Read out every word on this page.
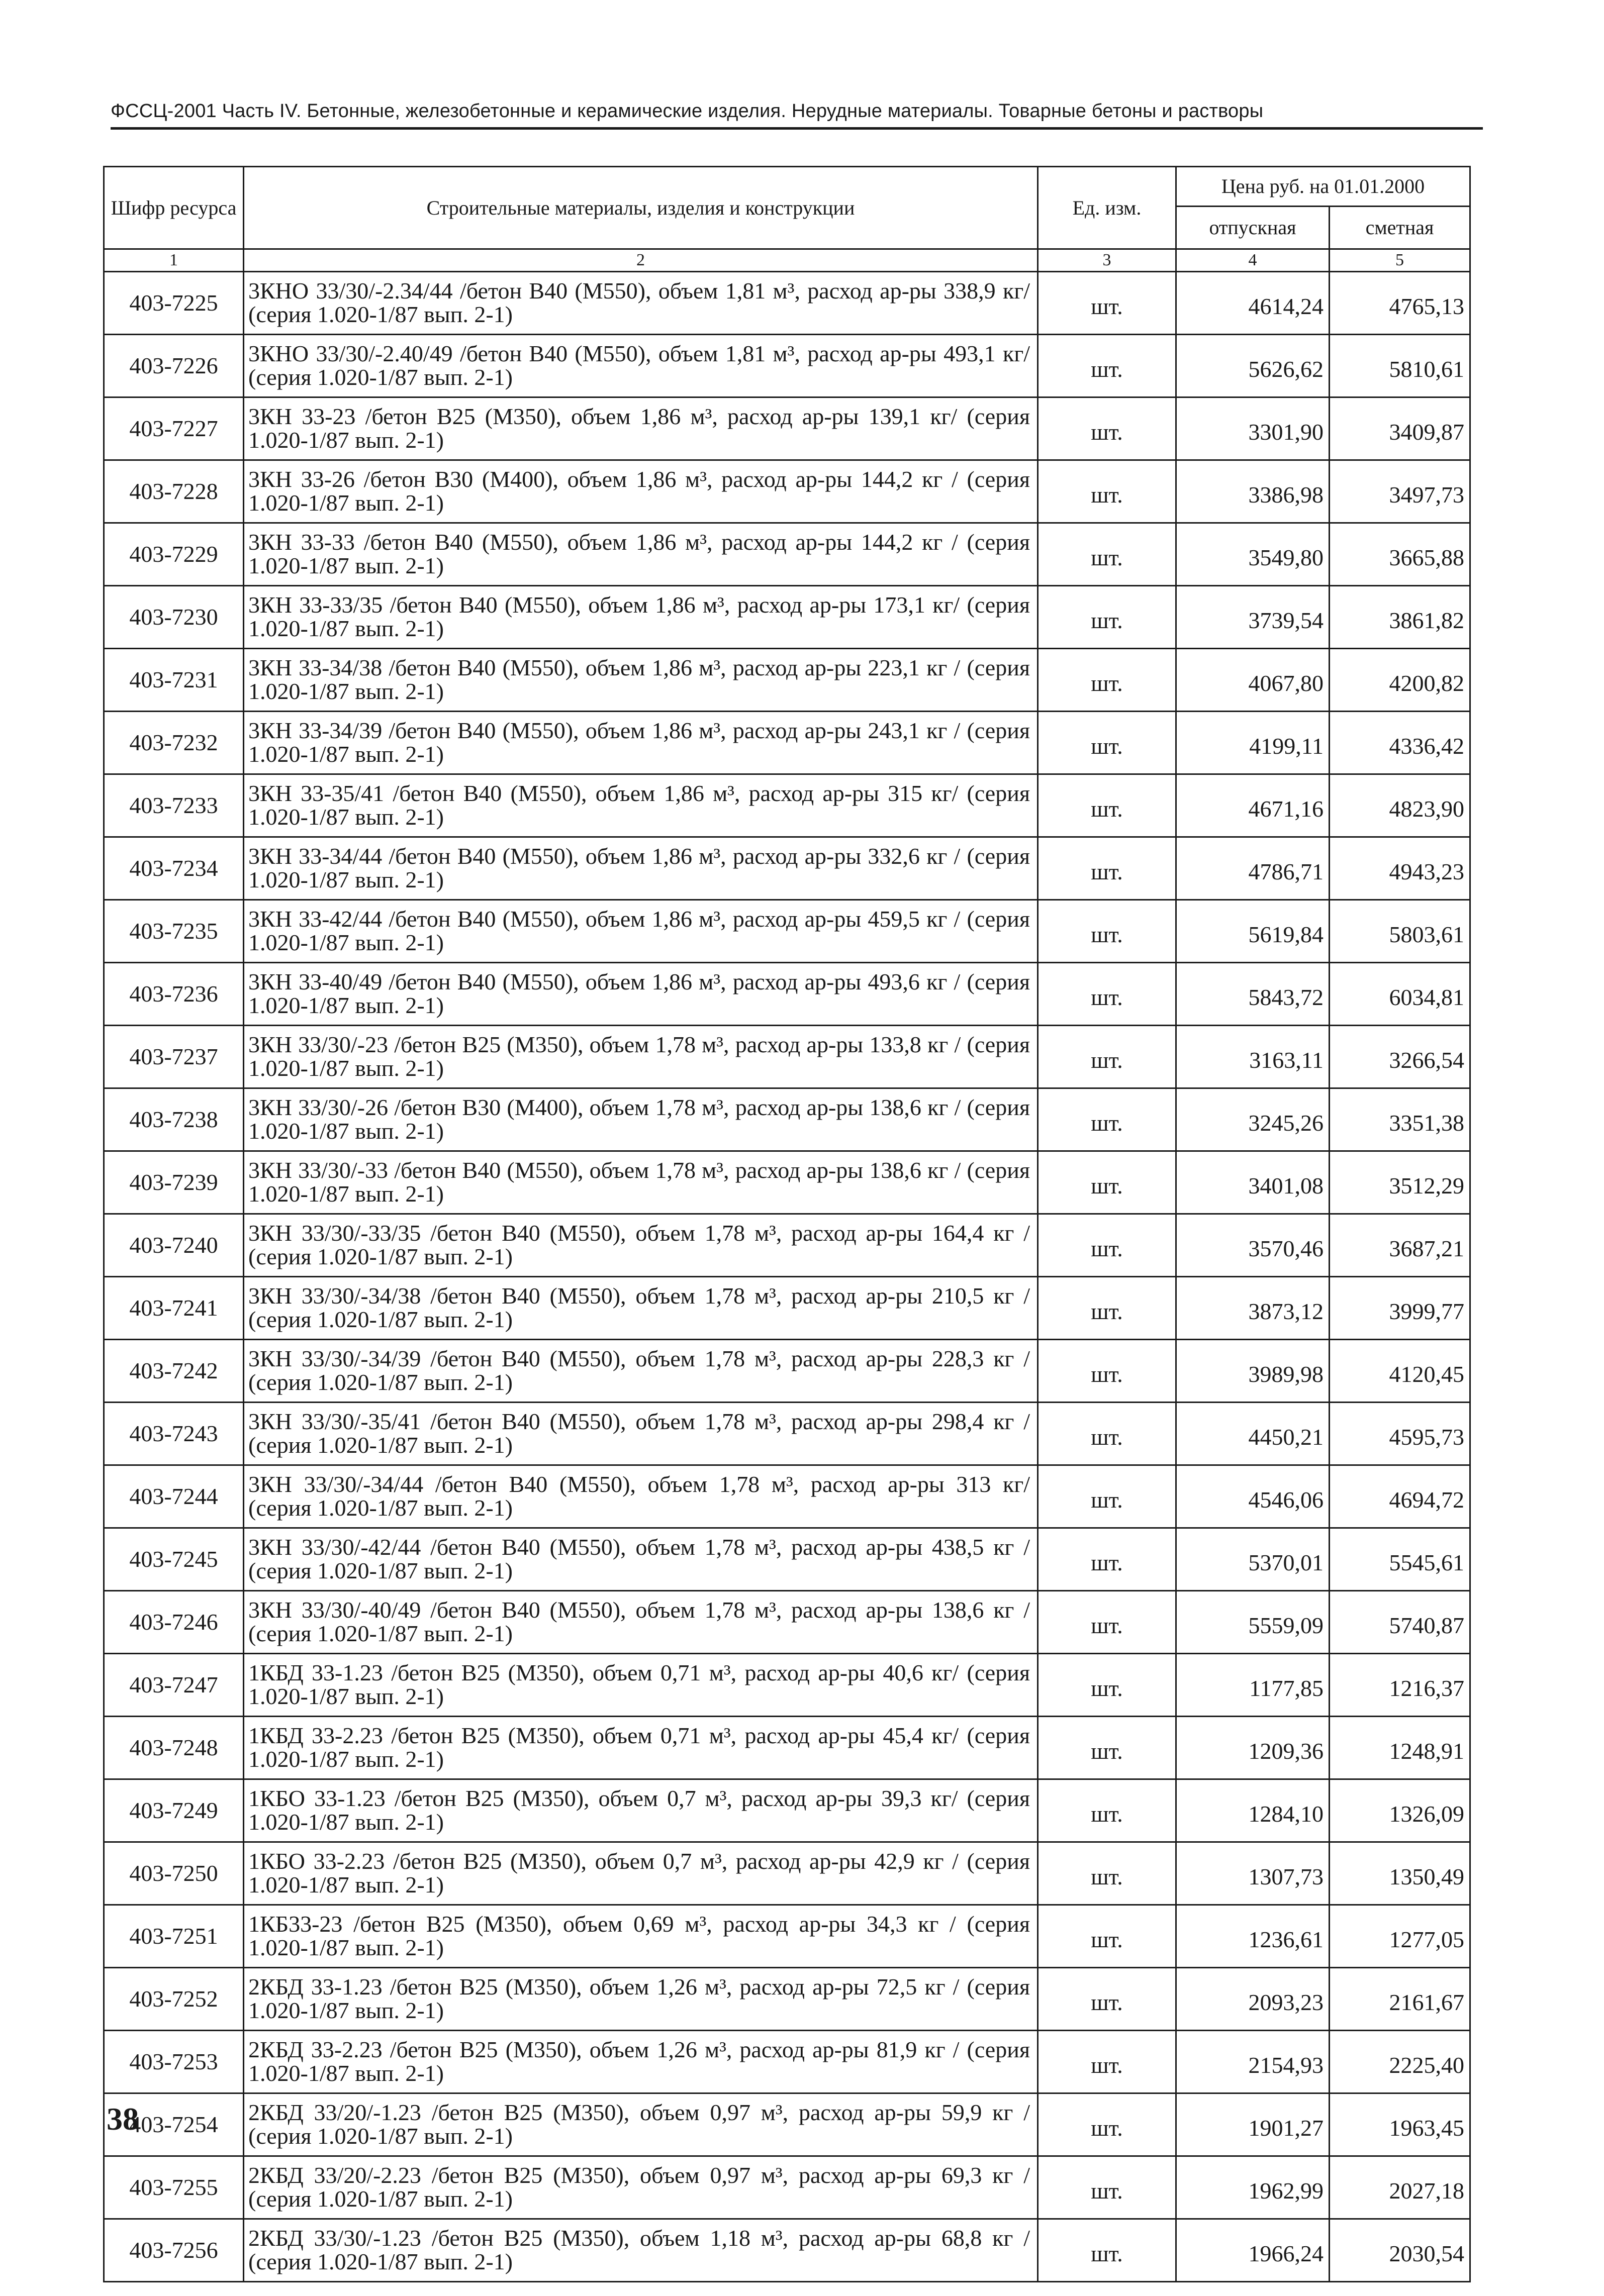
ФССЦ-2001 Часть IV. Бетонные, железобетонные и керамические изделия. Нерудные материалы. Товарные бетоны и растворы
Шифр ресурса	Строительные материалы, изделия и конструкции	Ед. изм.	Цена руб. на 01.01.2000	
			отпускная	сметная
1	2	3	4	5
403-7225	3КНО 33/30/-2.34/44 /бетон В40 (М550), объем 1,81 м³, расход ар-ры 338,9 кг/ (серия 1.020-1/87 вып. 2-1)	шт.	4614,24	4765,13
403-7226	3КНО 33/30/-2.40/49 /бетон В40 (М550), объем 1,81 м³, расход ар-ры 493,1 кг/ (серия 1.020-1/87 вып. 2-1)	шт.	5626,62	5810,61
403-7227	3КН 33-23 /бетон В25 (М350), объем 1,86 м³, расход ар-ры 139,1 кг/ (серия 1.020-1/87 вып. 2-1)	шт.	3301,90	3409,87
403-7228	3КН 33-26 /бетон В30 (М400), объем 1,86 м³, расход ар-ры 144,2 кг / (серия 1.020-1/87 вып. 2-1)	шт.	3386,98	3497,73
403-7229	3КН 33-33 /бетон В40 (М550), объем 1,86 м³, расход ар-ры 144,2 кг / (серия 1.020-1/87 вып. 2-1)	шт.	3549,80	3665,88
403-7230	3КН 33-33/35 /бетон В40 (М550), объем 1,86 м³, расход ар-ры 173,1 кг/ (серия 1.020-1/87 вып. 2-1)	шт.	3739,54	3861,82
403-7231	3КН 33-34/38 /бетон В40 (М550), объем 1,86 м³, расход ар-ры 223,1 кг / (серия 1.020-1/87 вып. 2-1)	шт.	4067,80	4200,82
403-7232	3КН 33-34/39 /бетон В40 (М550), объем 1,86 м³, расход ар-ры 243,1 кг / (серия 1.020-1/87 вып. 2-1)	шт.	4199,11	4336,42
403-7233	3КН 33-35/41 /бетон В40 (М550), объем 1,86 м³, расход ар-ры 315 кг/ (серия 1.020-1/87 вып. 2-1)	шт.	4671,16	4823,90
403-7234	3КН 33-34/44 /бетон В40 (М550), объем 1,86 м³, расход ар-ры 332,6 кг / (серия 1.020-1/87 вып. 2-1)	шт.	4786,71	4943,23
403-7235	3КН 33-42/44 /бетон В40 (М550), объем 1,86 м³, расход ар-ры 459,5 кг / (серия 1.020-1/87 вып. 2-1)	шт.	5619,84	5803,61
403-7236	3КН 33-40/49 /бетон В40 (М550), объем 1,86 м³, расход ар-ры 493,6 кг / (серия 1.020-1/87 вып. 2-1)	шт.	5843,72	6034,81
403-7237	3КН 33/30/-23 /бетон В25 (М350), объем 1,78 м³, расход ар-ры 133,8 кг / (серия 1.020-1/87 вып. 2-1)	шт.	3163,11	3266,54
403-7238	3КН 33/30/-26 /бетон В30 (М400), объем 1,78 м³, расход ар-ры 138,6 кг / (серия 1.020-1/87 вып. 2-1)	шт.	3245,26	3351,38
403-7239	3КН 33/30/-33 /бетон В40 (М550), объем 1,78 м³, расход ар-ры 138,6 кг / (серия 1.020-1/87 вып. 2-1)	шт.	3401,08	3512,29
403-7240	3КН 33/30/-33/35 /бетон В40 (М550), объем 1,78 м³, расход ар-ры 164,4 кг / (серия 1.020-1/87 вып. 2-1)	шт.	3570,46	3687,21
403-7241	3КН 33/30/-34/38 /бетон В40 (М550), объем 1,78 м³, расход ар-ры 210,5 кг / (серия 1.020-1/87 вып. 2-1)	шт.	3873,12	3999,77
403-7242	3КН 33/30/-34/39 /бетон В40 (М550), объем 1,78 м³, расход ар-ры 228,3 кг / (серия 1.020-1/87 вып. 2-1)	шт.	3989,98	4120,45
403-7243	3КН 33/30/-35/41 /бетон В40 (М550), объем 1,78 м³, расход ар-ры 298,4 кг / (серия 1.020-1/87 вып. 2-1)	шт.	4450,21	4595,73
403-7244	3КН 33/30/-34/44 /бетон В40 (М550), объем 1,78 м³, расход ар-ры 313 кг/ (серия 1.020-1/87 вып. 2-1)	шт.	4546,06	4694,72
403-7245	3КН 33/30/-42/44 /бетон В40 (М550), объем 1,78 м³, расход ар-ры 438,5 кг / (серия 1.020-1/87 вып. 2-1)	шт.	5370,01	5545,61
403-7246	3КН 33/30/-40/49 /бетон В40 (М550), объем 1,78 м³, расход ар-ры 138,6 кг / (серия 1.020-1/87 вып. 2-1)	шт.	5559,09	5740,87
403-7247	1КБД 33-1.23 /бетон В25 (М350), объем 0,71 м³, расход ар-ры 40,6 кг/ (серия 1.020-1/87 вып. 2-1)	шт.	1177,85	1216,37
403-7248	1КБД 33-2.23 /бетон В25 (М350), объем 0,71 м³, расход ар-ры 45,4 кг/ (серия 1.020-1/87 вып. 2-1)	шт.	1209,36	1248,91
403-7249	1КБО 33-1.23 /бетон В25 (М350), объем 0,7 м³, расход ар-ры 39,3 кг/ (серия 1.020-1/87 вып. 2-1)	шт.	1284,10	1326,09
403-7250	1КБО 33-2.23 /бетон В25 (М350), объем 0,7 м³, расход ар-ры 42,9 кг / (серия 1.020-1/87 вып. 2-1)	шт.	1307,73	1350,49
403-7251	1КБ33-23 /бетон В25 (М350), объем 0,69 м³, расход ар-ры 34,3 кг / (серия 1.020-1/87 вып. 2-1)	шт.	1236,61	1277,05
403-7252	2КБД 33-1.23 /бетон В25 (М350), объем 1,26 м³, расход ар-ры 72,5 кг / (серия 1.020-1/87 вып. 2-1)	шт.	2093,23	2161,67
403-7253	2КБД 33-2.23 /бетон В25 (М350), объем 1,26 м³, расход ар-ры 81,9 кг / (серия 1.020-1/87 вып. 2-1)	шт.	2154,93	2225,40
403-7254	2КБД 33/20/-1.23 /бетон В25 (М350), объем 0,97 м³, расход ар-ры 59,9 кг / (серия 1.020-1/87 вып. 2-1)	шт.	1901,27	1963,45
403-7255	2КБД 33/20/-2.23 /бетон В25 (М350), объем 0,97 м³, расход ар-ры 69,3 кг / (серия 1.020-1/87 вып. 2-1)	шт.	1962,99	2027,18
403-7256	2КБД 33/30/-1.23 /бетон В25 (М350), объем 1,18 м³, расход ар-ры 68,8 кг / (серия 1.020-1/87 вып. 2-1)	шт.	1966,24	2030,54
38
